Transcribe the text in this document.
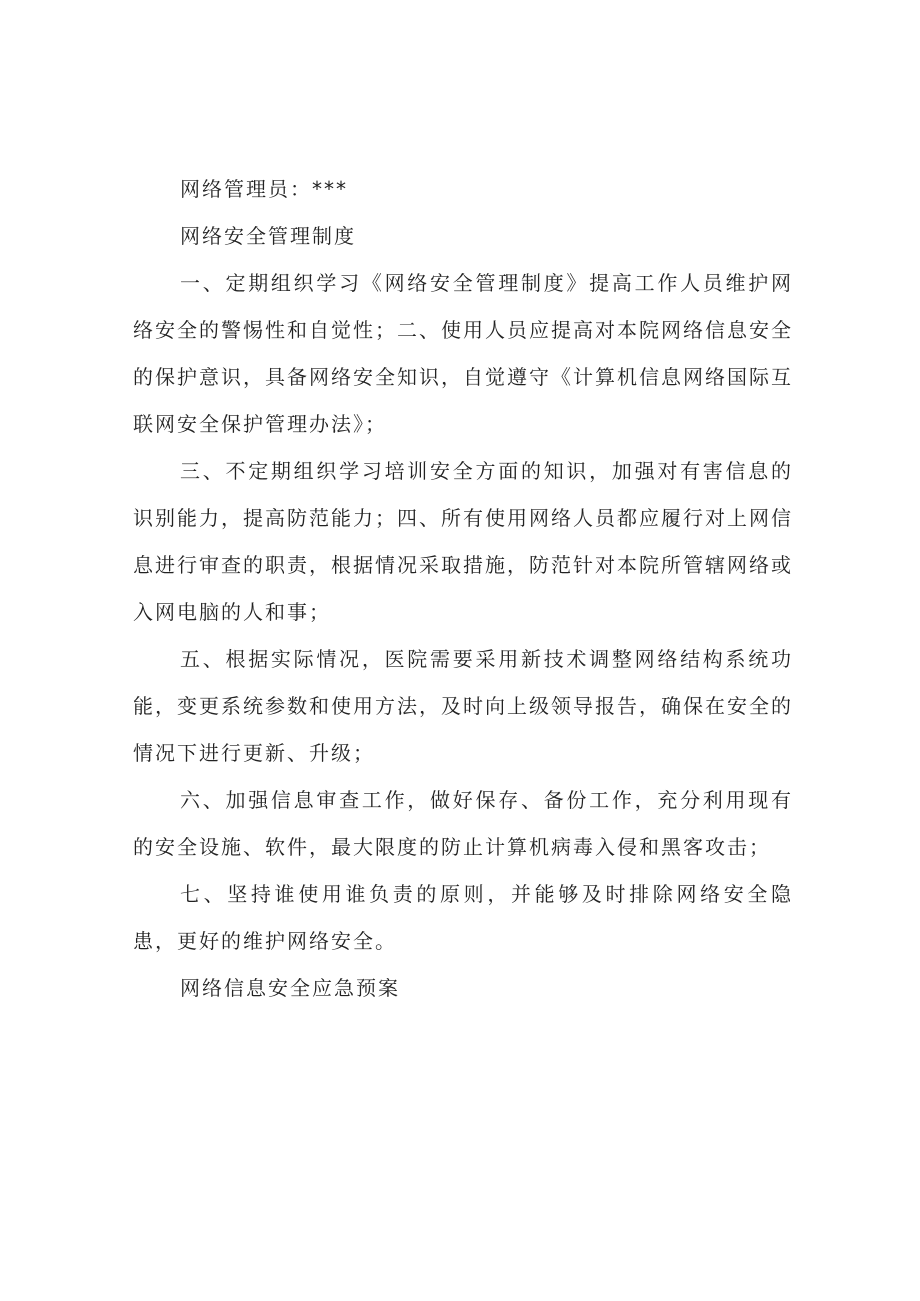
网络管理员：***

网络安全管理制度

一、定期组织学习《网络安全管理制度》提高工作人员维护网络安全的警惕性和自觉性；二、使用人员应提高对本院网络信息安全的保护意识，具备网络安全知识，自觉遵守《计算机信息网络国际互联网安全保护管理办法》；

三、不定期组织学习培训安全方面的知识，加强对有害信息的识别能力，提高防范能力；四、所有使用网络人员都应履行对上网信息进行审查的职责，根据情况采取措施，防范针对本院所管辖网络或入网电脑的人和事；

五、根据实际情况，医院需要采用新技术调整网络结构系统功能，变更系统参数和使用方法，及时向上级领导报告，确保在安全的情况下进行更新、升级；

六、加强信息审查工作，做好保存、备份工作，充分利用现有的安全设施、软件，最大限度的防止计算机病毒入侵和黑客攻击；

七、坚持谁使用谁负责的原则，并能够及时排除网络安全隐患，更好的维护网络安全。

网络信息安全应急预案
